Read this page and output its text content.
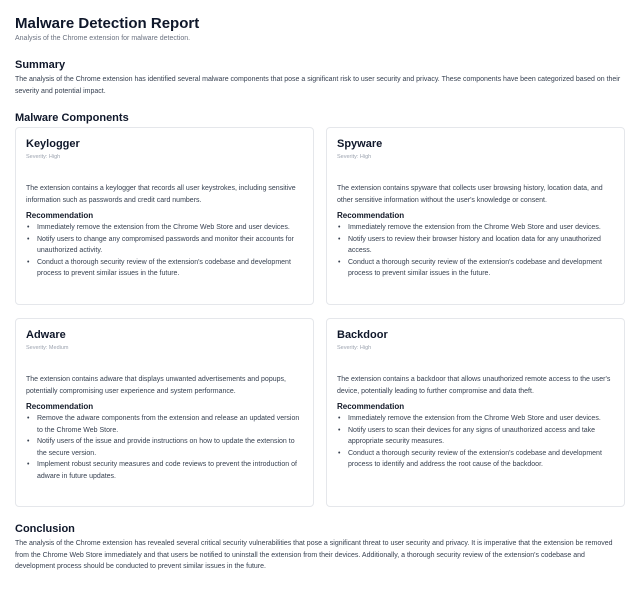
Malware Detection Report
Analysis of the Chrome extension for malware detection.
Summary

The analysis of the Chrome extension has identified several malware components that pose a significant risk to user security and privacy. These components have been categorized based on their severity and potential impact.

Malware Components
Keylogger
Severity: High

The extension contains a keylogger that records all user keystrokes, including sensitive information such as passwords and credit card numbers.

Recommendation
• Immediately remove the extension from the Chrome Web Store and user devices.
• Notify users to change any compromised passwords and monitor their accounts for unauthorized activity.
• Conduct a thorough security review of the extension's codebase and development process to prevent similar issues in the future.
Spyware
Severity: High

The extension contains spyware that collects user browsing history, location data, and other sensitive information without the user's knowledge or consent.

Recommendation
• Immediately remove the extension from the Chrome Web Store and user devices.
• Notify users to review their browser history and location data for any unauthorized access.
• Conduct a thorough security review of the extension's codebase and development process to prevent similar issues in the future.
Adware
Severity: Medium

The extension contains adware that displays unwanted advertisements and popups, potentially compromising user experience and system performance.

Recommendation
• Remove the adware components from the extension and release an updated version to the Chrome Web Store.
• Notify users of the issue and provide instructions on how to update the extension to the secure version.
• Implement robust security measures and code reviews to prevent the introduction of adware in future updates.
Backdoor
Severity: High

The extension contains a backdoor that allows unauthorized remote access to the user's device, potentially leading to further compromise and data theft.

Recommendation
• Immediately remove the extension from the Chrome Web Store and user devices.
• Notify users to scan their devices for any signs of unauthorized access and take appropriate security measures.
• Conduct a thorough security review of the extension's codebase and development process to identify and address the root cause of the backdoor.
Conclusion

The analysis of the Chrome extension has revealed several critical security vulnerabilities that pose a significant threat to user security and privacy. It is imperative that the extension be removed from the Chrome Web Store immediately and that users be notified to uninstall the extension from their devices. Additionally, a thorough security review of the extension's codebase and development process should be conducted to prevent similar issues in the future.
